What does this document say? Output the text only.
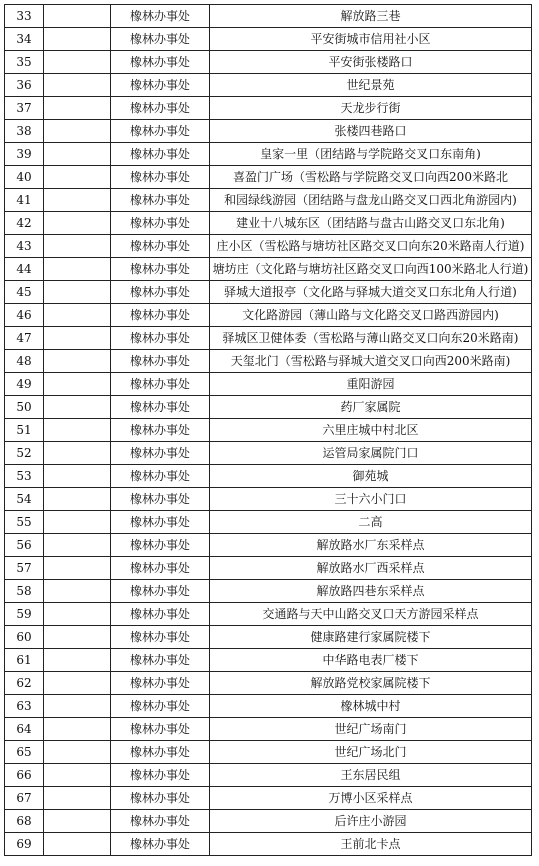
33		橡林办事处	解放路三巷
34		橡林办事处	平安街城市信用社小区
35		橡林办事处	平安街张楼路口
36		橡林办事处	世纪景苑
37		橡林办事处	天龙步行街
38		橡林办事处	张楼四巷路口
39		橡林办事处	皇家一里（团结路与学院路交叉口东南角)
40		橡林办事处	喜盈门广场（雪松路与学院路交叉口向西200米路北
41		橡林办事处	和园绿线游园（团结路与盘龙山路交叉口西北角游园内)
42		橡林办事处	建业十八城东区（团结路与盘古山路交叉口东北角)
43		橡林办事处	庄小区（雪松路与塘坊社区路交叉口向东20米路南人行道)
44		橡林办事处	塘坊庄（文化路与塘坊社区路交叉口向西100米路北人行道)
45		橡林办事处	驿城大道报亭（文化路与驿城大道交叉口东北角人行道)
46		橡林办事处	文化路游园（薄山路与文化路交叉口路西游园内)
47		橡林办事处	驿城区卫健体委（雪松路与薄山路交叉口向东20米路南)
48		橡林办事处	天玺北门（雪松路与驿城大道交叉口向西200米路南)
49		橡林办事处	重阳游园
50		橡林办事处	药厂家属院
51		橡林办事处	六里庄城中村北区
52		橡林办事处	运管局家属院门口
53		橡林办事处	御苑城
54		橡林办事处	三十六小门口
55		橡林办事处	二高
56		橡林办事处	解放路水厂东采样点
57		橡林办事处	解放路水厂西采样点
58		橡林办事处	解放路四巷东采样点
59		橡林办事处	交通路与天中山路交叉口天方游园采样点
60		橡林办事处	健康路建行家属院楼下
61		橡林办事处	中华路电表厂楼下
62		橡林办事处	解放路党校家属院楼下
63		橡林办事处	橡林城中村
64		橡林办事处	世纪广场南门
65		橡林办事处	世纪广场北门
66		橡林办事处	王东居民组
67		橡林办事处	万博小区采样点
68		橡林办事处	后许庄小游园
69		橡林办事处	王前北卡点
